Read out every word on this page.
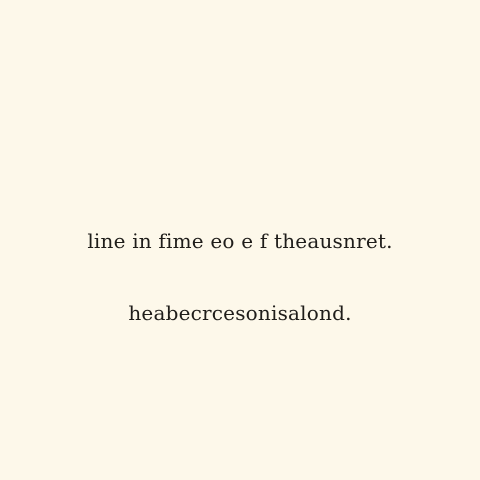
line in fime eo e f theausnret.
heabecrcesonisalond.
